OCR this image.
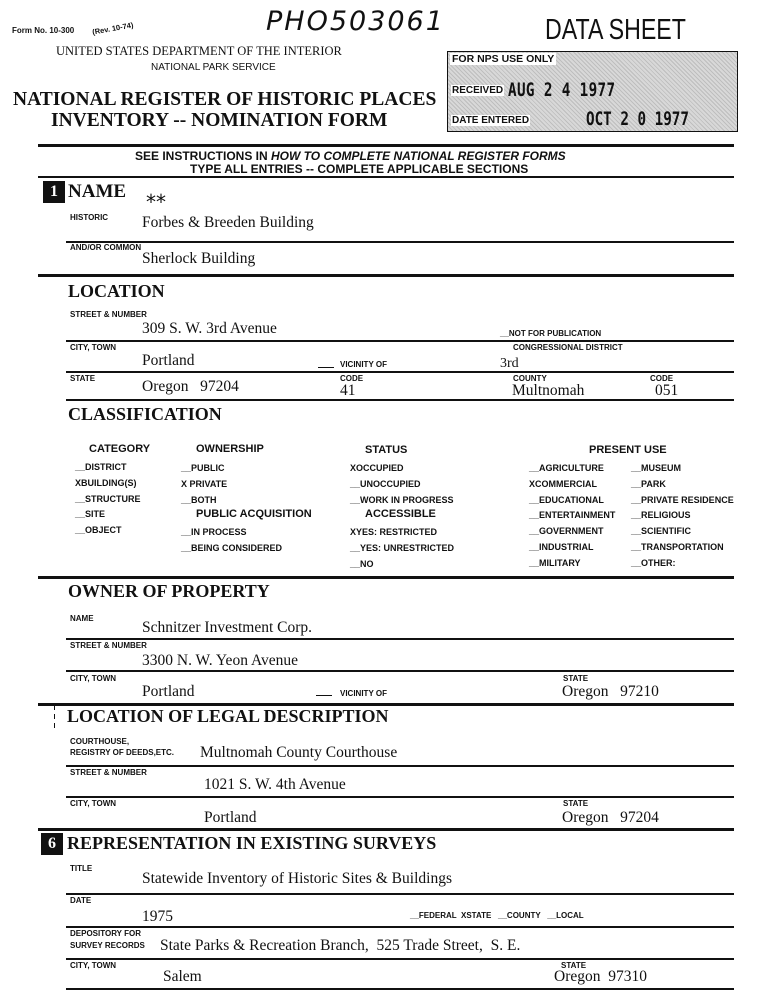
Form No. 10-300 (Rev. 10-74)	PHO503061	DATA SHEET
UNITED STATES DEPARTMENT OF THE INTERIOR
NATIONAL PARK SERVICE
NATIONAL REGISTER OF HISTORIC PLACES
INVENTORY -- NOMINATION FORM
FOR NPS USE ONLY
RECEIVED AUG 2 4 1977
DATE ENTERED	OCT 2 0 1977
SEE INSTRUCTIONS IN HOW TO COMPLETE NATIONAL REGISTER FORMS
TYPE ALL ENTRIES -- COMPLETE APPLICABLE SECTIONS
1 NAME **
HISTORIC Forbes & Breeden Building
AND/OR COMMON
Sherlock Building
LOCATION
STREET & NUMBER
309 S. W. 3rd Avenue	__NOT FOR PUBLICATION
CITY, TOWN	CONGRESSIONAL DISTRICT
Portland	VICINITY OF	3rd
STATE	CODE	COUNTY	CODE
Oregon   97204	41	Multnomah	051
CLASSIFICATION
CATEGORY
__DISTRICT
XBUILDING(S)
__STRUCTURE
__SITE
__OBJECT
OWNERSHIP
__PUBLIC
X PRIVATE
__BOTH
PUBLIC ACQUISITION
__IN PROCESS
__BEING CONSIDERED
STATUS
XOCCUPIED
__UNOCCUPIED
__WORK IN PROGRESS
ACCESSIBLE
XYES: RESTRICTED
__YES: UNRESTRICTED
__NO
PRESENT USE
__AGRICULTURE
XCOMMERCIAL
__EDUCATIONAL
__ENTERTAINMENT
__GOVERNMENT
__INDUSTRIAL
__MILITARY
__MUSEUM
__PARK
__PRIVATE RESIDENCE
__RELIGIOUS
__SCIENTIFIC
__TRANSPORTATION
__OTHER:
OWNER OF PROPERTY
NAME
Schnitzer Investment Corp.
STREET & NUMBER
3300 N. W. Yeon Avenue
CITY, TOWN	STATE
Portland	VICINITY OF	Oregon   97210
LOCATION OF LEGAL DESCRIPTION
COURTHOUSE,
REGISTRY OF DEEDS,ETC. Multnomah County Courthouse
STREET & NUMBER
1021 S. W. 4th Avenue
CITY, TOWN	STATE
Portland	Oregon   97204
6 REPRESENTATION IN EXISTING SURVEYS
TITLE
Statewide Inventory of Historic Sites & Buildings
DATE
1975	__FEDERAL  XSTATE   __COUNTY   __LOCAL
DEPOSITORY FOR
SURVEY RECORDS State Parks & Recreation Branch,  525 Trade Street,  S. E.
CITY, TOWN	STATE
Salem	Oregon  97310
